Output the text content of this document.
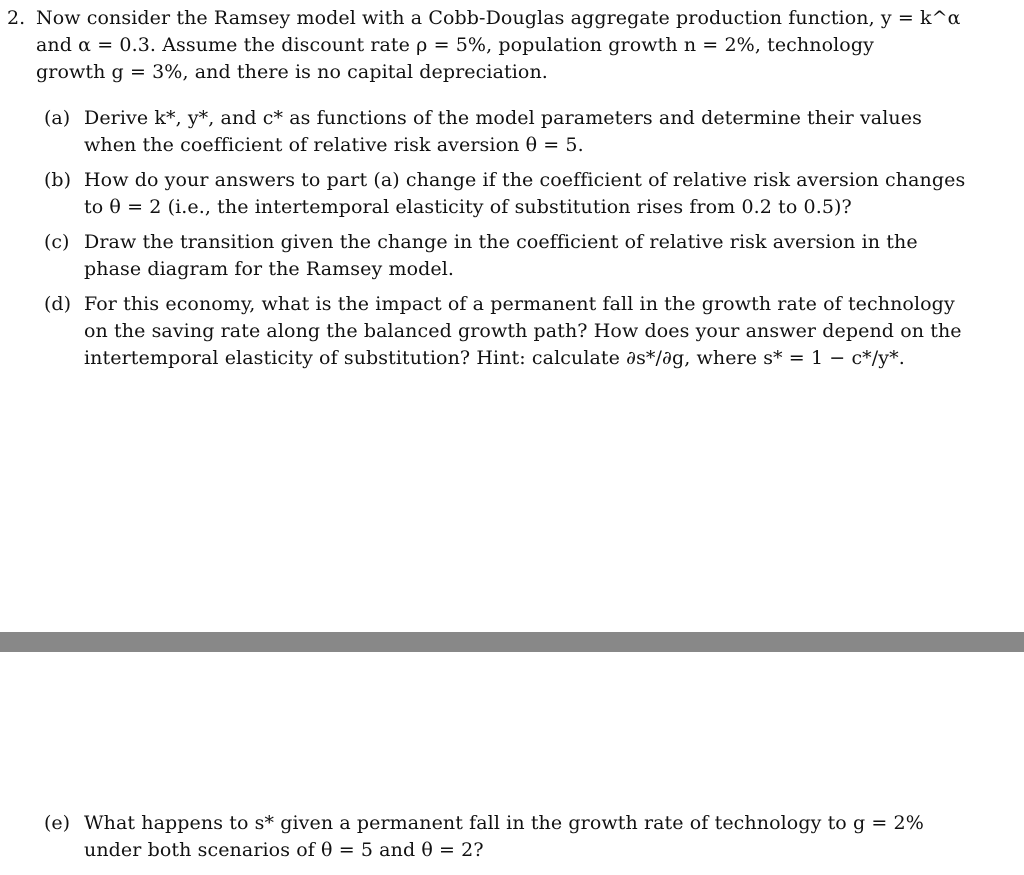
2. Now consider the Ramsey model with a Cobb-Douglas aggregate production function, y = k^α
and α = 0.3. Assume the discount rate ρ = 5%, population growth n = 2%, technology
growth g = 3%, and there is no capital depreciation.
(a) Derive k*, y*, and c* as functions of the model parameters and determine their values
when the coefficient of relative risk aversion θ = 5.
(b) How do your answers to part (a) change if the coefficient of relative risk aversion changes
to θ = 2 (i.e., the intertemporal elasticity of substitution rises from 0.2 to 0.5)?
(c) Draw the transition given the change in the coefficient of relative risk aversion in the
phase diagram for the Ramsey model.
(d) For this economy, what is the impact of a permanent fall in the growth rate of technology
on the saving rate along the balanced growth path? How does your answer depend on the
intertemporal elasticity of substitution? Hint: calculate ∂s*/∂g, where s* = 1 − c*/y*.
(e) What happens to s* given a permanent fall in the growth rate of technology to g = 2%
under both scenarios of θ = 5 and θ = 2?
